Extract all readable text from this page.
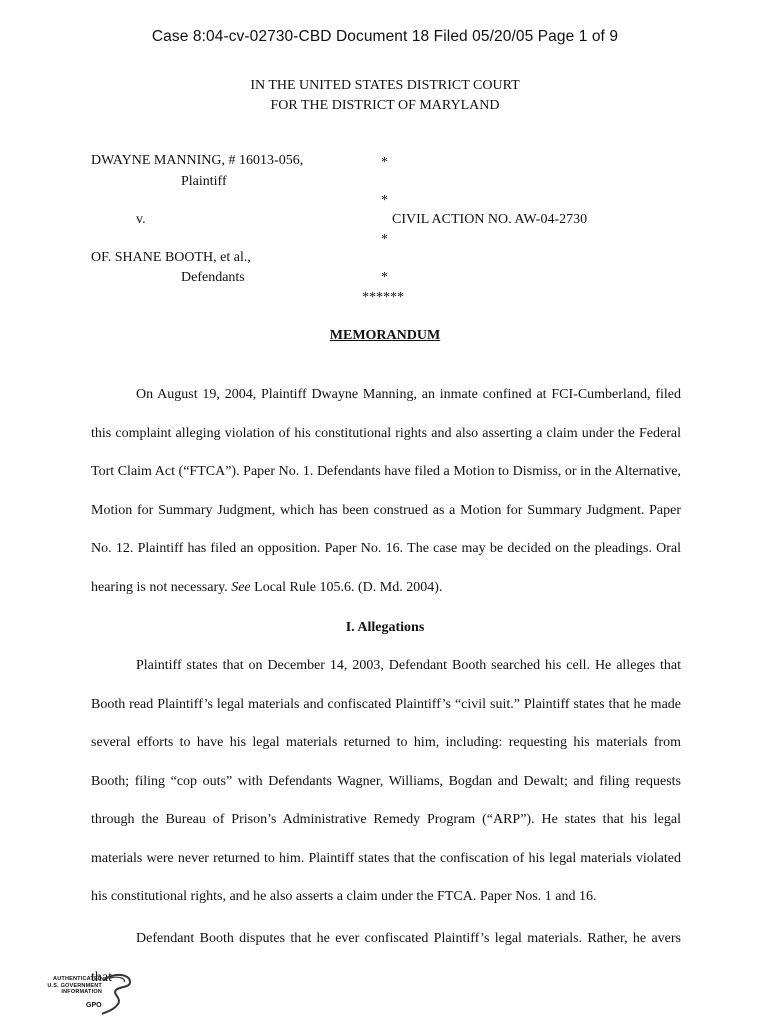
Case 8:04-cv-02730-CBD Document 18 Filed 05/20/05 Page 1 of 9
IN THE UNITED STATES DISTRICT COURT
FOR THE DISTRICT OF MARYLAND
DWAYNE MANNING, # 16013-056,
Plaintiff
v.	CIVIL ACTION NO. AW-04-2730
OF. SHANE BOOTH, et al.,
Defendants
*
*
*
*
******
MEMORANDUM

On August 19, 2004, Plaintiff Dwayne Manning, an inmate confined at FCI-Cumberland, filed this complaint alleging violation of his constitutional rights and also asserting a claim under the Federal Tort Claim Act (“FTCA”). Paper No. 1. Defendants have filed a Motion to Dismiss, or in the Alternative, Motion for Summary Judgment, which has been construed as a Motion for Summary Judgment. Paper No. 12. Plaintiff has filed an opposition. Paper No. 16. The case may be decided on the pleadings. Oral hearing is not necessary. See Local Rule 105.6. (D. Md. 2004).

I. Allegations

Plaintiff states that on December 14, 2003, Defendant Booth searched his cell. He alleges that Booth read Plaintiff’s legal materials and confiscated Plaintiff’s “civil suit.” Plaintiff states that he made several efforts to have his legal materials returned to him, including: requesting his materials from Booth; filing “cop outs” with Defendants Wagner, Williams, Bogdan and Dewalt; and filing requests through the Bureau of Prison’s Administrative Remedy Program (“ARP”). He states that his legal materials were never returned to him. Plaintiff states that the confiscation of his legal materials violated his constitutional rights, and he also asserts a claim under the FTCA. Paper Nos. 1 and 16.

Defendant Booth disputes that he ever confiscated Plaintiff’s legal materials. Rather, he avers that

AUTHENTICATED
U.S. GOVERNMENT
INFORMATION
GPO
